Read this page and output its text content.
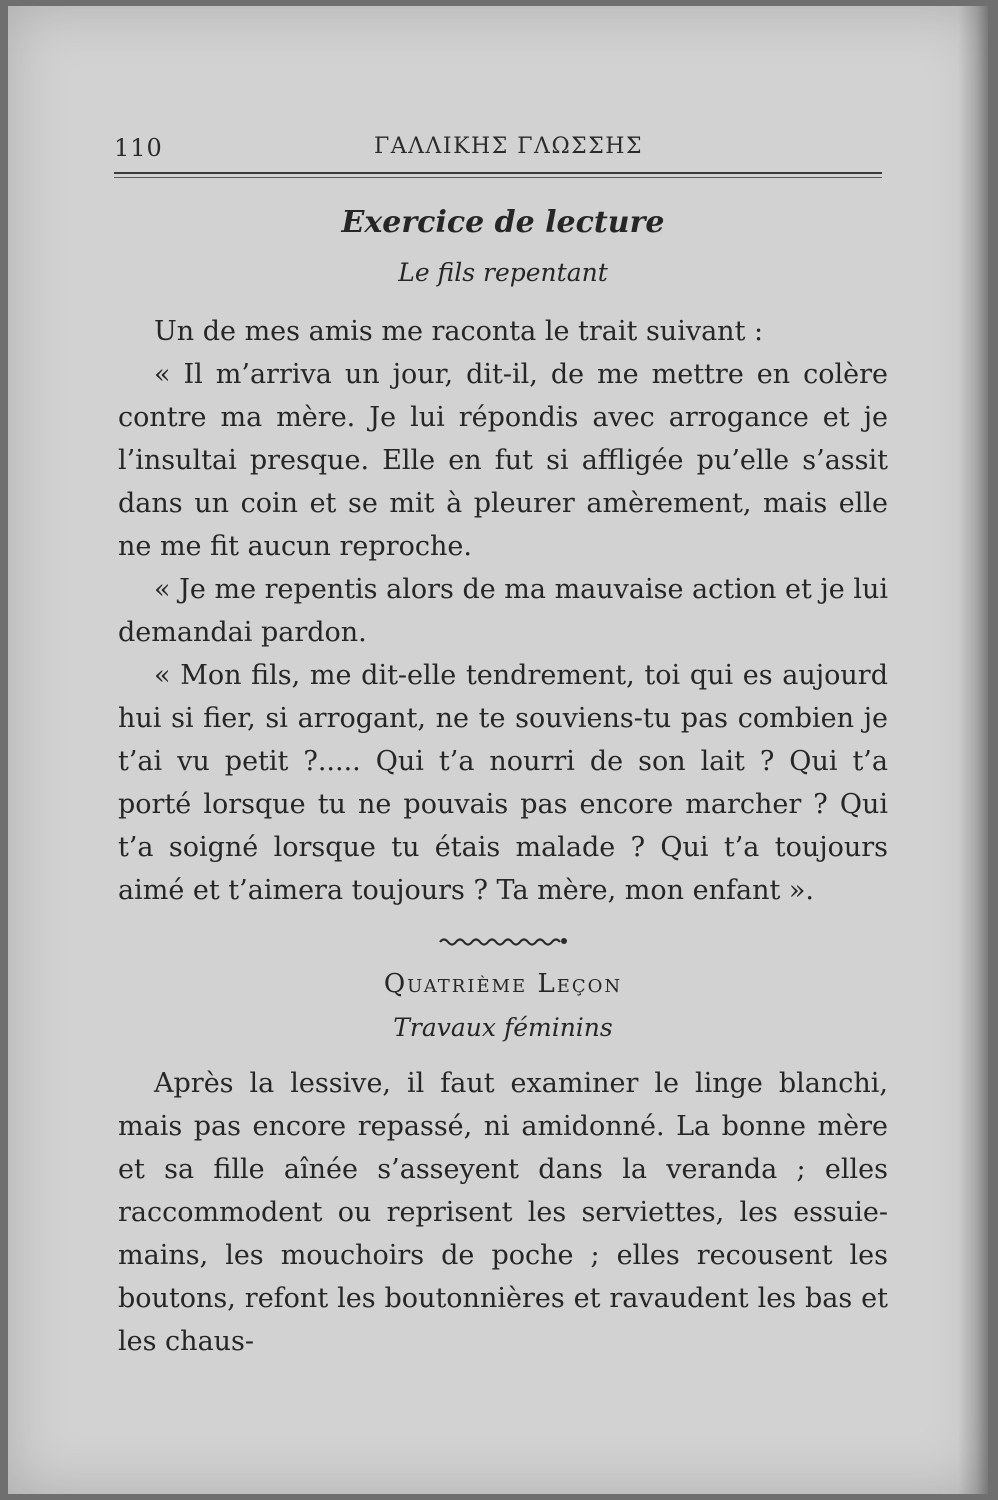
110	ΓΑΛΛΙΚΗΣ ΓΛΩΣΣΗΣ
Exercice de lecture
Le fils repentant

Un de mes amis me raconta le trait suivant :

« Il m’arriva un jour, dit-il, de me mettre en colère contre ma mère. Je lui répondis avec arrogance et je l’insultai presque. Elle en fut si affligée pu’elle s’assit dans un coin et se mit à pleurer amèrement, mais elle ne me fit aucun reproche.

« Je me repentis alors de ma mauvaise action et je lui demandai pardon.

« Mon fils, me dit-elle tendrement, toi qui es aujourd hui si fier, si arrogant, ne te souviens-tu pas combien je t’ai vu petit ?..... Qui t’a nourri de son lait ? Qui t’a porté lorsque tu ne pouvais pas encore marcher ? Qui t’a soigné lorsque tu étais malade ? Qui t’a toujours aimé et t’aimera toujours ? Ta mère, mon enfant ».

Quatrième Leçon
Travaux féminins

Après la lessive, il faut examiner le linge blanchi, mais pas encore repassé, ni amidonné. La bonne mère et sa fille aînée s’asseyent dans la veranda ; elles raccommodent ou reprisent les serviettes, les essuie-mains, les mouchoirs de poche ; elles recousent les boutons, refont les boutonnières et ravaudent les bas et les chaus-
